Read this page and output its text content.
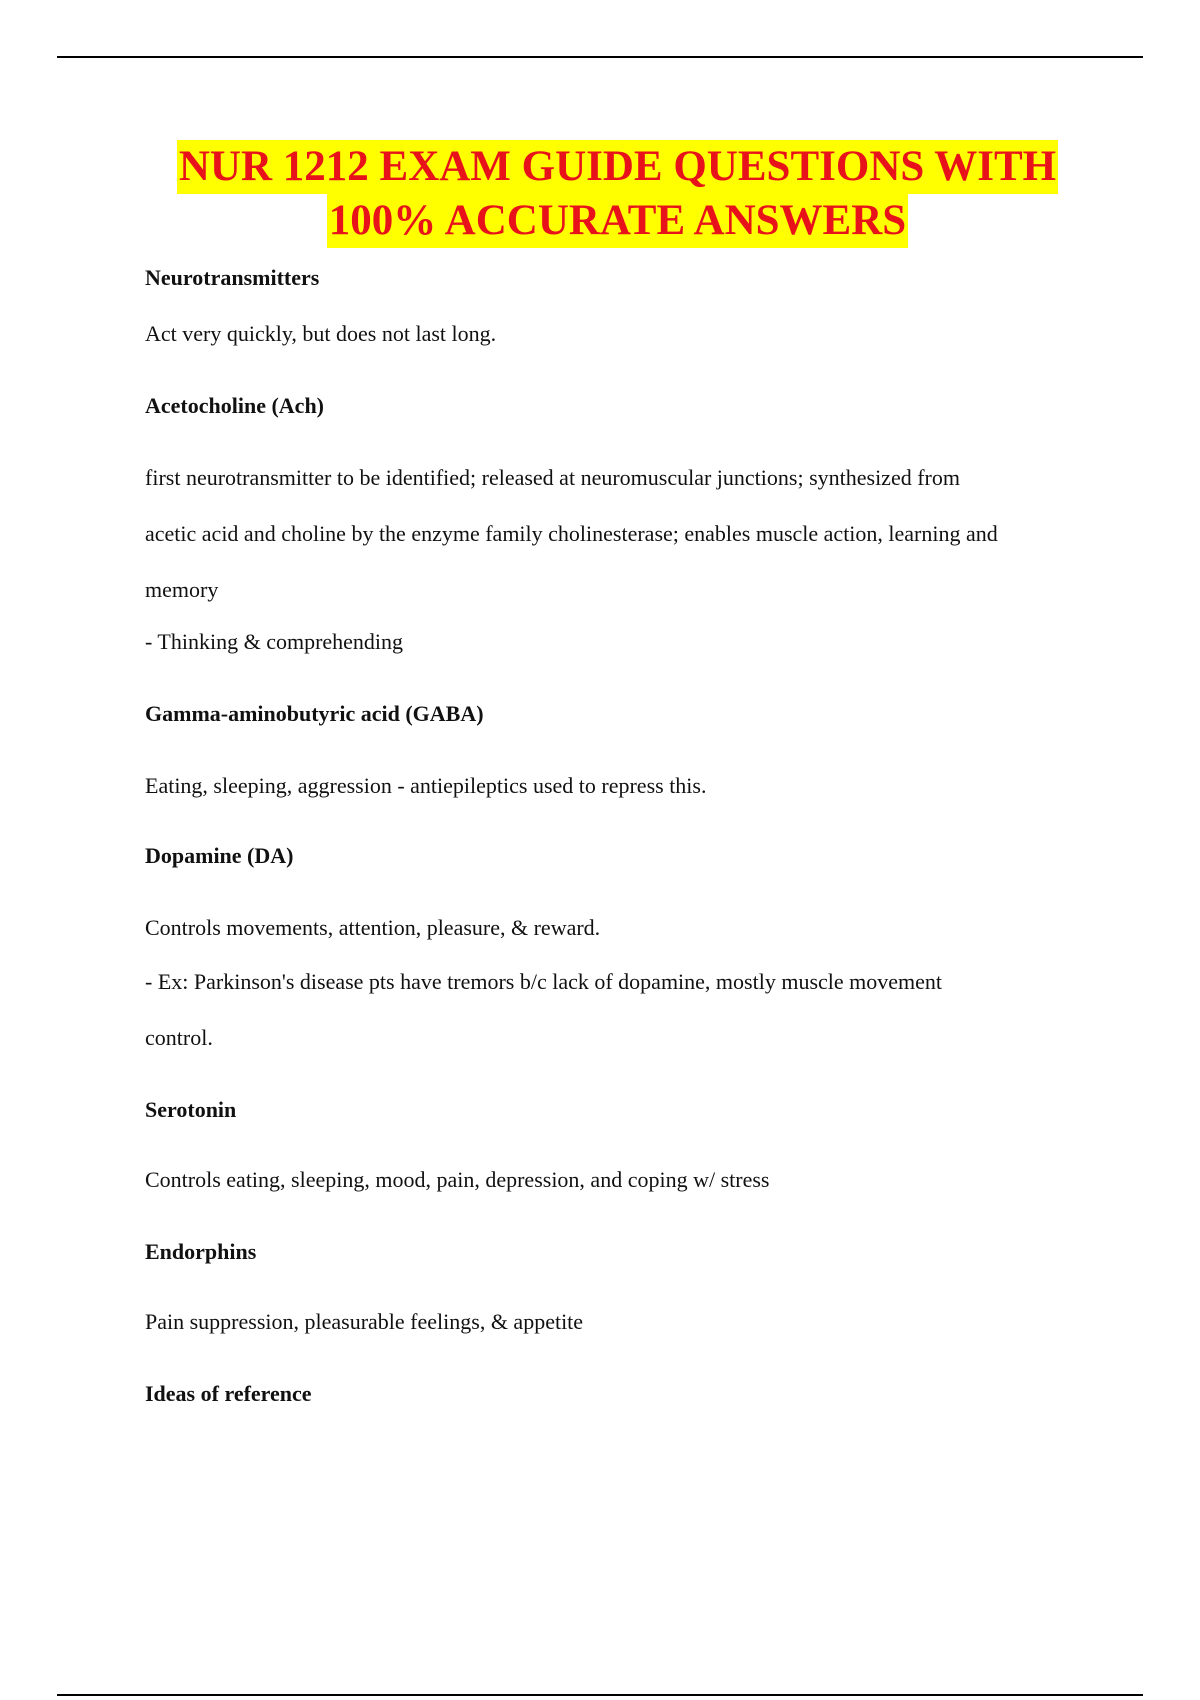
NUR 1212 EXAM GUIDE QUESTIONS WITH
100% ACCURATE ANSWERS

Neurotransmitters

Act very quickly, but does not last long.

Acetocholine (Ach)

first neurotransmitter to be identified; released at neuromuscular junctions; synthesized from

acetic acid and choline by the enzyme family cholinesterase; enables muscle action, learning and

memory

- Thinking & comprehending

Gamma-aminobutyric acid (GABA)

Eating, sleeping, aggression - antiepileptics used to repress this.

Dopamine (DA)

Controls movements, attention, pleasure, & reward.

- Ex: Parkinson's disease pts have tremors b/c lack of dopamine, mostly muscle movement

control.

Serotonin

Controls eating, sleeping, mood, pain, depression, and coping w/ stress

Endorphins

Pain suppression, pleasurable feelings, & appetite

Ideas of reference
